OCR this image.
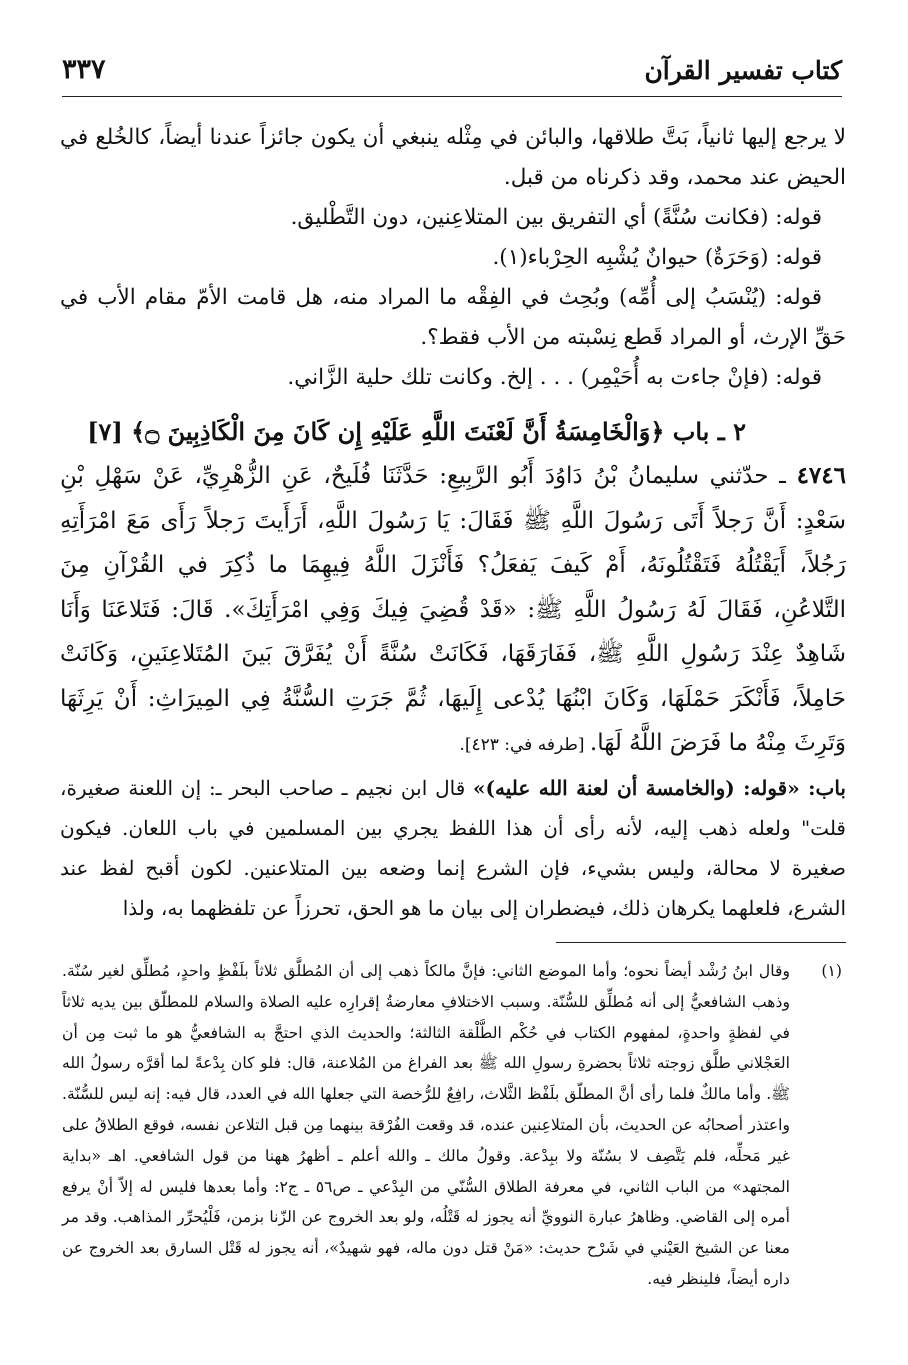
كتاب تفسير القرآن
٣٣٧

لا يرجع إليها ثانياً، بَتَّ طلاقها، والبائن في مِثْله ينبغي أن يكون جائزاً عندنا أيضاً، كالخُلع في الحيض عند محمد، وقد ذكرناه من قبل.

قوله: (فكانت سُنَّةً) أي التفريق بين المتلاعِنين، دون التَّطْليق.

قوله: (وَحَرَةٌ) حيوانٌ يُشْبِه الحِرْباء(١).

قوله: (يُنْسَبُ إلى أُمِّه) وبُحِث في الفِقْه ما المراد منه، هل قامت الأمّ مقام الأب في حَقِّ الإرث، أو المراد قَطع نِسْبته من الأب فقط؟.

قوله: (فإنْ جاءت به أُحَيْمِر) . . . إلخ. وكانت تلك حلية الزَّاني.

٢ ـ باب ﴿وَالْخَامِسَةُ أَنَّ لَعْنَتَ اللَّهِ عَلَيْهِ إِن كَانَ مِنَ الْكَاذِبِينَ ۝﴾ [٧]

٤٧٤٦ ـ حدّثني سليمانُ بْنُ دَاوُدَ أَبُو الرَّبِيعِ: حَدَّثَنَا فُلَيحٌ، عَنِ الزُّهْرِيِّ، عَنْ سَهْلِ بْنِ سَعْدٍ: أَنَّ رَجلاً أَتَى رَسُولَ اللَّهِ ﷺ فَقَالَ: يَا رَسُولَ اللَّهِ، أَرَأَيتَ رَجلاً رَأَى مَعَ امْرَأَتِهِ رَجُلاً، أَيَقْتُلُهُ فَتَقْتُلُونَهُ، أَمْ كَيفَ يَفعَلُ؟ فَأَنْزَلَ اللَّهُ فِيهِمَا ما ذُكِرَ في القُرْآنِ مِنَ التَّلاعُنِ، فَقَالَ لَهُ رَسُولُ اللَّهِ ﷺ: «قَدْ قُضِيَ فِيكَ وَفِي امْرَأَتِكَ». قَالَ: فَتَلاعَنَا وَأَنَا شَاهِدٌ عِنْدَ رَسُولِ اللَّهِ ﷺ، فَفَارَقَهَا، فَكَانَتْ سُنَّةً أَنْ يُفَرَّقَ بَينَ المُتَلاعِنَينِ، وَكَانَتْ حَامِلاً، فَأَنْكَرَ حَمْلَهَا، وَكَانَ ابْنُهَا يُدْعى إِلَيهَا، ثُمَّ جَرَتِ السُّنَّةُ فِي المِيرَاثِ: أَنْ يَرِثَهَا وَتَرِثَ مِنْهُ ما فَرَضَ اللَّهُ لَهَا. [طرفه في: ٤٢٣].

باب: «قوله: (والخامسة أن لعنة الله عليه)» قال ابن نجيم ـ صاحب البحر ـ: إن اللعنة صغيرة، قلت" ولعله ذهب إليه، لأنه رأى أن هذا اللفظ يجري بين المسلمين في باب اللعان. فيكون صغيرة لا محالة، وليس بشيء، فإن الشرع إنما وضعه بين المتلاعنين. لكون أقبح لفظ عند الشرع، فلعلهما يكرهان ذلك، فيضطران إلى بيان ما هو الحق، تحرزاً عن تلفظهما به، ولذا

(١)
وقال ابنُ رُشْد أيضاً نحوه؛ وأما الموضع الثاني: فإنَّ مالكاً ذهب إلى أن المُطلَّق ثلاثاً بلَفْظٍ واحدٍ، مُطلِّق لغير سُنّة. وذهب الشافعيُّ إلى أنه مُطلِّق للسُّنّة. وسبب الاختلافِ معارضةُ إقرارِه عليه الصلاة والسلام للمطلّق بين يديه ثلاثاً في لفظةٍ واحدةٍ، لمفهوم الكتاب في حُكْم الطَّلْقة الثالثة؛ والحديث الذي احتجَّ به الشافعيُّ هو ما ثبت مِن أن العَجْلاني طلَّق زوجته ثلاثاً بحضرةِ رسولِ الله ﷺ بعد الفراغ من المُلاعنة، قال: فلو كان بِدْعةً لما أقرَّه رسولُ الله ﷺ. وأما مالكٌ فلما رأى أنَّ المطلّق بلَفْظ الثَّلاث، رافِعٌ للرُّخصة التي جعلها الله في العدد، قال فيه: إنه ليس للسُّنّة. واعتذر أصحابُه عن الحديث، بأن المتلاعِنين عنده، قد وقعت الفُرْقة بينهما مِن قبل التلاعن نفسه، فوقع الطلاقُ على غير مَحلِّه، فلم يَتَّصِف لا بسُنّة ولا ببِدْعة. وقولُ مالك ـ والله أعلم ـ أظهرُ ههنا من قول الشافعي. اهـ «بداية المجتهد» من الباب الثاني، في معرفة الطلاق السُّنّي من البِدْعي ـ ص٥٦ ـ ج٢: وأما بعدها فليس له إلاّ أنْ يرفع أمره إلى القاضي. وظاهرُ عبارة النوويِّ أنه يجوز له قَتْلُه، ولو بعد الخروج عن الزّنا بزمن، فَلْيُحرِّر المذاهب. وقد مر معنا عن الشيخ العَيْني في شَرْح حديث: «مَنْ قتل دون ماله، فهو شهيدٌ»، أنه يجوز له قَتْل السارق بعد الخروج عن داره أيضاً، فلينظر فيه.
